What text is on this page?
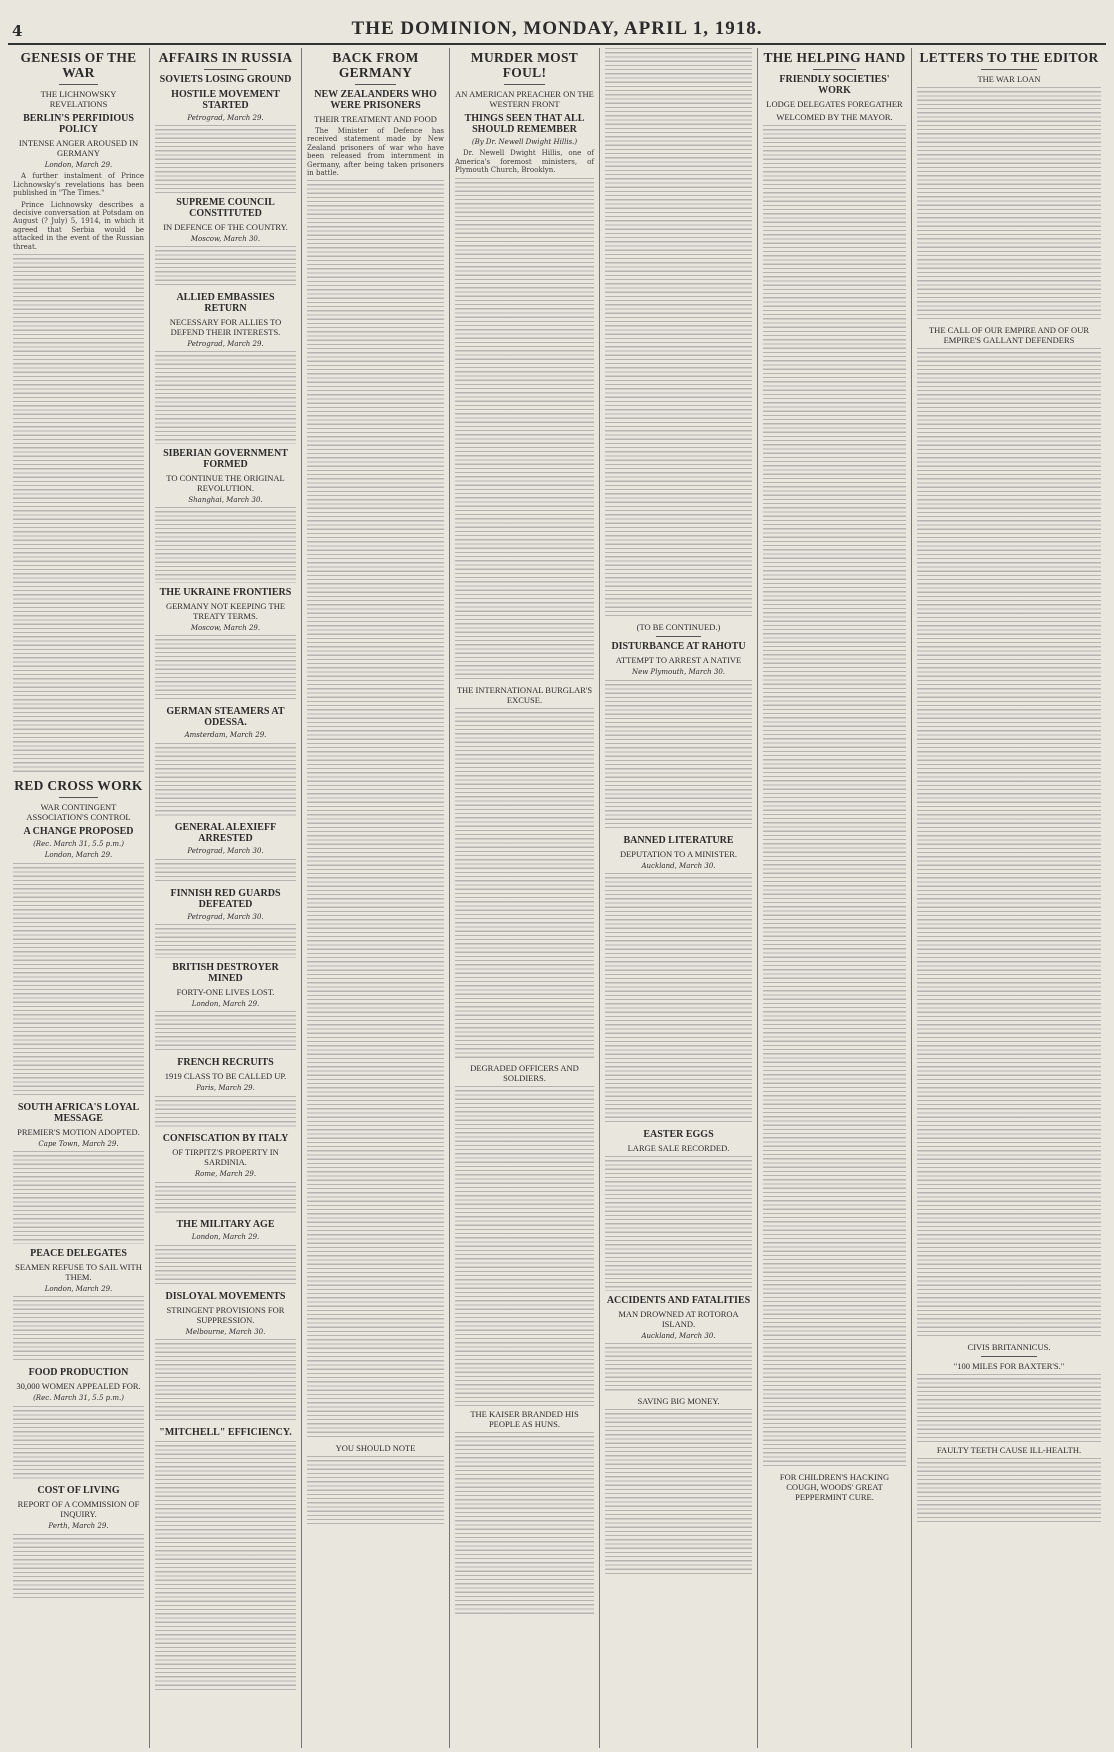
4	THE DOMINION, MONDAY, APRIL 1, 1918.
GENESIS OF THE WAR
THE LICHNOWSKY REVELATIONS
BERLIN'S PERFIDIOUS POLICY
INTENSE ANGER AROUSED IN GERMANY
London, March 29.
A further instalment of Prince Lichnowsky's revelations has been published in "The Times."
Prince Lichnowsky describes a decisive conversation at Potsdam on August (? July) 5, 1914, in which it agreed that Serbia would be attacked in the event of the Russian threat.
RED CROSS WORK
WAR CONTINGENT ASSOCIATION'S CONTROL
A CHANGE PROPOSED
(Rec. March 31, 5.5 p.m.)
London, March 29.
SOUTH AFRICA'S LOYAL MESSAGE
PREMIER'S MOTION ADOPTED.
Cape Town, March 29.
PEACE DELEGATES
SEAMEN REFUSE TO SAIL WITH THEM.
London, March 29.
FOOD PRODUCTION
30,000 WOMEN APPEALED FOR.
(Rec. March 31, 5.5 p.m.)
COST OF LIVING
REPORT OF A COMMISSION OF INQUIRY.
Perth, March 29.
AFFAIRS IN RUSSIA
SOVIETS LOSING GROUND
HOSTILE MOVEMENT STARTED
Petrograd, March 29.
SUPREME COUNCIL CONSTITUTED
IN DEFENCE OF THE COUNTRY.
Moscow, March 30.
ALLIED EMBASSIES RETURN
NECESSARY FOR ALLIES TO DEFEND THEIR INTERESTS.
Petrograd, March 29.
SIBERIAN GOVERNMENT FORMED
TO CONTINUE THE ORIGINAL REVOLUTION.
Shanghai, March 30.
THE UKRAINE FRONTIERS
GERMANY NOT KEEPING THE TREATY TERMS.
Moscow, March 29.
GERMAN STEAMERS AT ODESSA.
Amsterdam, March 29.
GENERAL ALEXIEFF ARRESTED
Petrograd, March 30.
FINNISH RED GUARDS DEFEATED
Petrograd, March 30.
BRITISH DESTROYER MINED
FORTY-ONE LIVES LOST.
London, March 29.
FRENCH RECRUITS
1919 CLASS TO BE CALLED UP.
Paris, March 29.
CONFISCATION BY ITALY
OF TIRPITZ'S PROPERTY IN SARDINIA.
Rome, March 29.
THE MILITARY AGE
London, March 29.
DISLOYAL MOVEMENTS
STRINGENT PROVISIONS FOR SUPPRESSION.
Melbourne, March 30.
"MITCHELL" EFFICIENCY.
BACK FROM GERMANY
NEW ZEALANDERS WHO WERE PRISONERS
THEIR TREATMENT AND FOOD
The Minister of Defence has received statement made by New Zealand prisoners of war who have been released from internment in Germany, after being taken prisoners in battle.
YOU SHOULD NOTE
MURDER MOST FOUL!
AN AMERICAN PREACHER ON THE WESTERN FRONT
THINGS SEEN THAT ALL SHOULD REMEMBER
(By Dr. Newell Dwight Hillis.)
Dr. Newell Dwight Hillis, one of America's foremost ministers, of Plymouth Church, Brooklyn.
THE INTERNATIONAL BURGLAR'S EXCUSE.
DEGRADED OFFICERS AND SOLDIERS.
THE KAISER BRANDED HIS PEOPLE AS HUNS.
(TO BE CONTINUED.)
DISTURBANCE AT RAHOTU
ATTEMPT TO ARREST A NATIVE
New Plymouth, March 30.
BANNED LITERATURE
DEPUTATION TO A MINISTER.
Auckland, March 30.
EASTER EGGS
LARGE SALE RECORDED.
ACCIDENTS AND FATALITIES
MAN DROWNED AT ROTOROA ISLAND.
Auckland, March 30.
SAVING BIG MONEY.
THE HELPING HAND
FRIENDLY SOCIETIES' WORK
LODGE DELEGATES FOREGATHER
WELCOMED BY THE MAYOR.
FOR CHILDREN'S HACKING COUGH, WOODS' GREAT PEPPERMINT CURE.
LETTERS TO THE EDITOR
THE WAR LOAN
THE CALL OF OUR EMPIRE AND OF OUR EMPIRE'S GALLANT DEFENDERS
CIVIS BRITANNICUS.
"100 MILES FOR BAXTER'S."
FAULTY TEETH CAUSE ILL-HEALTH.
